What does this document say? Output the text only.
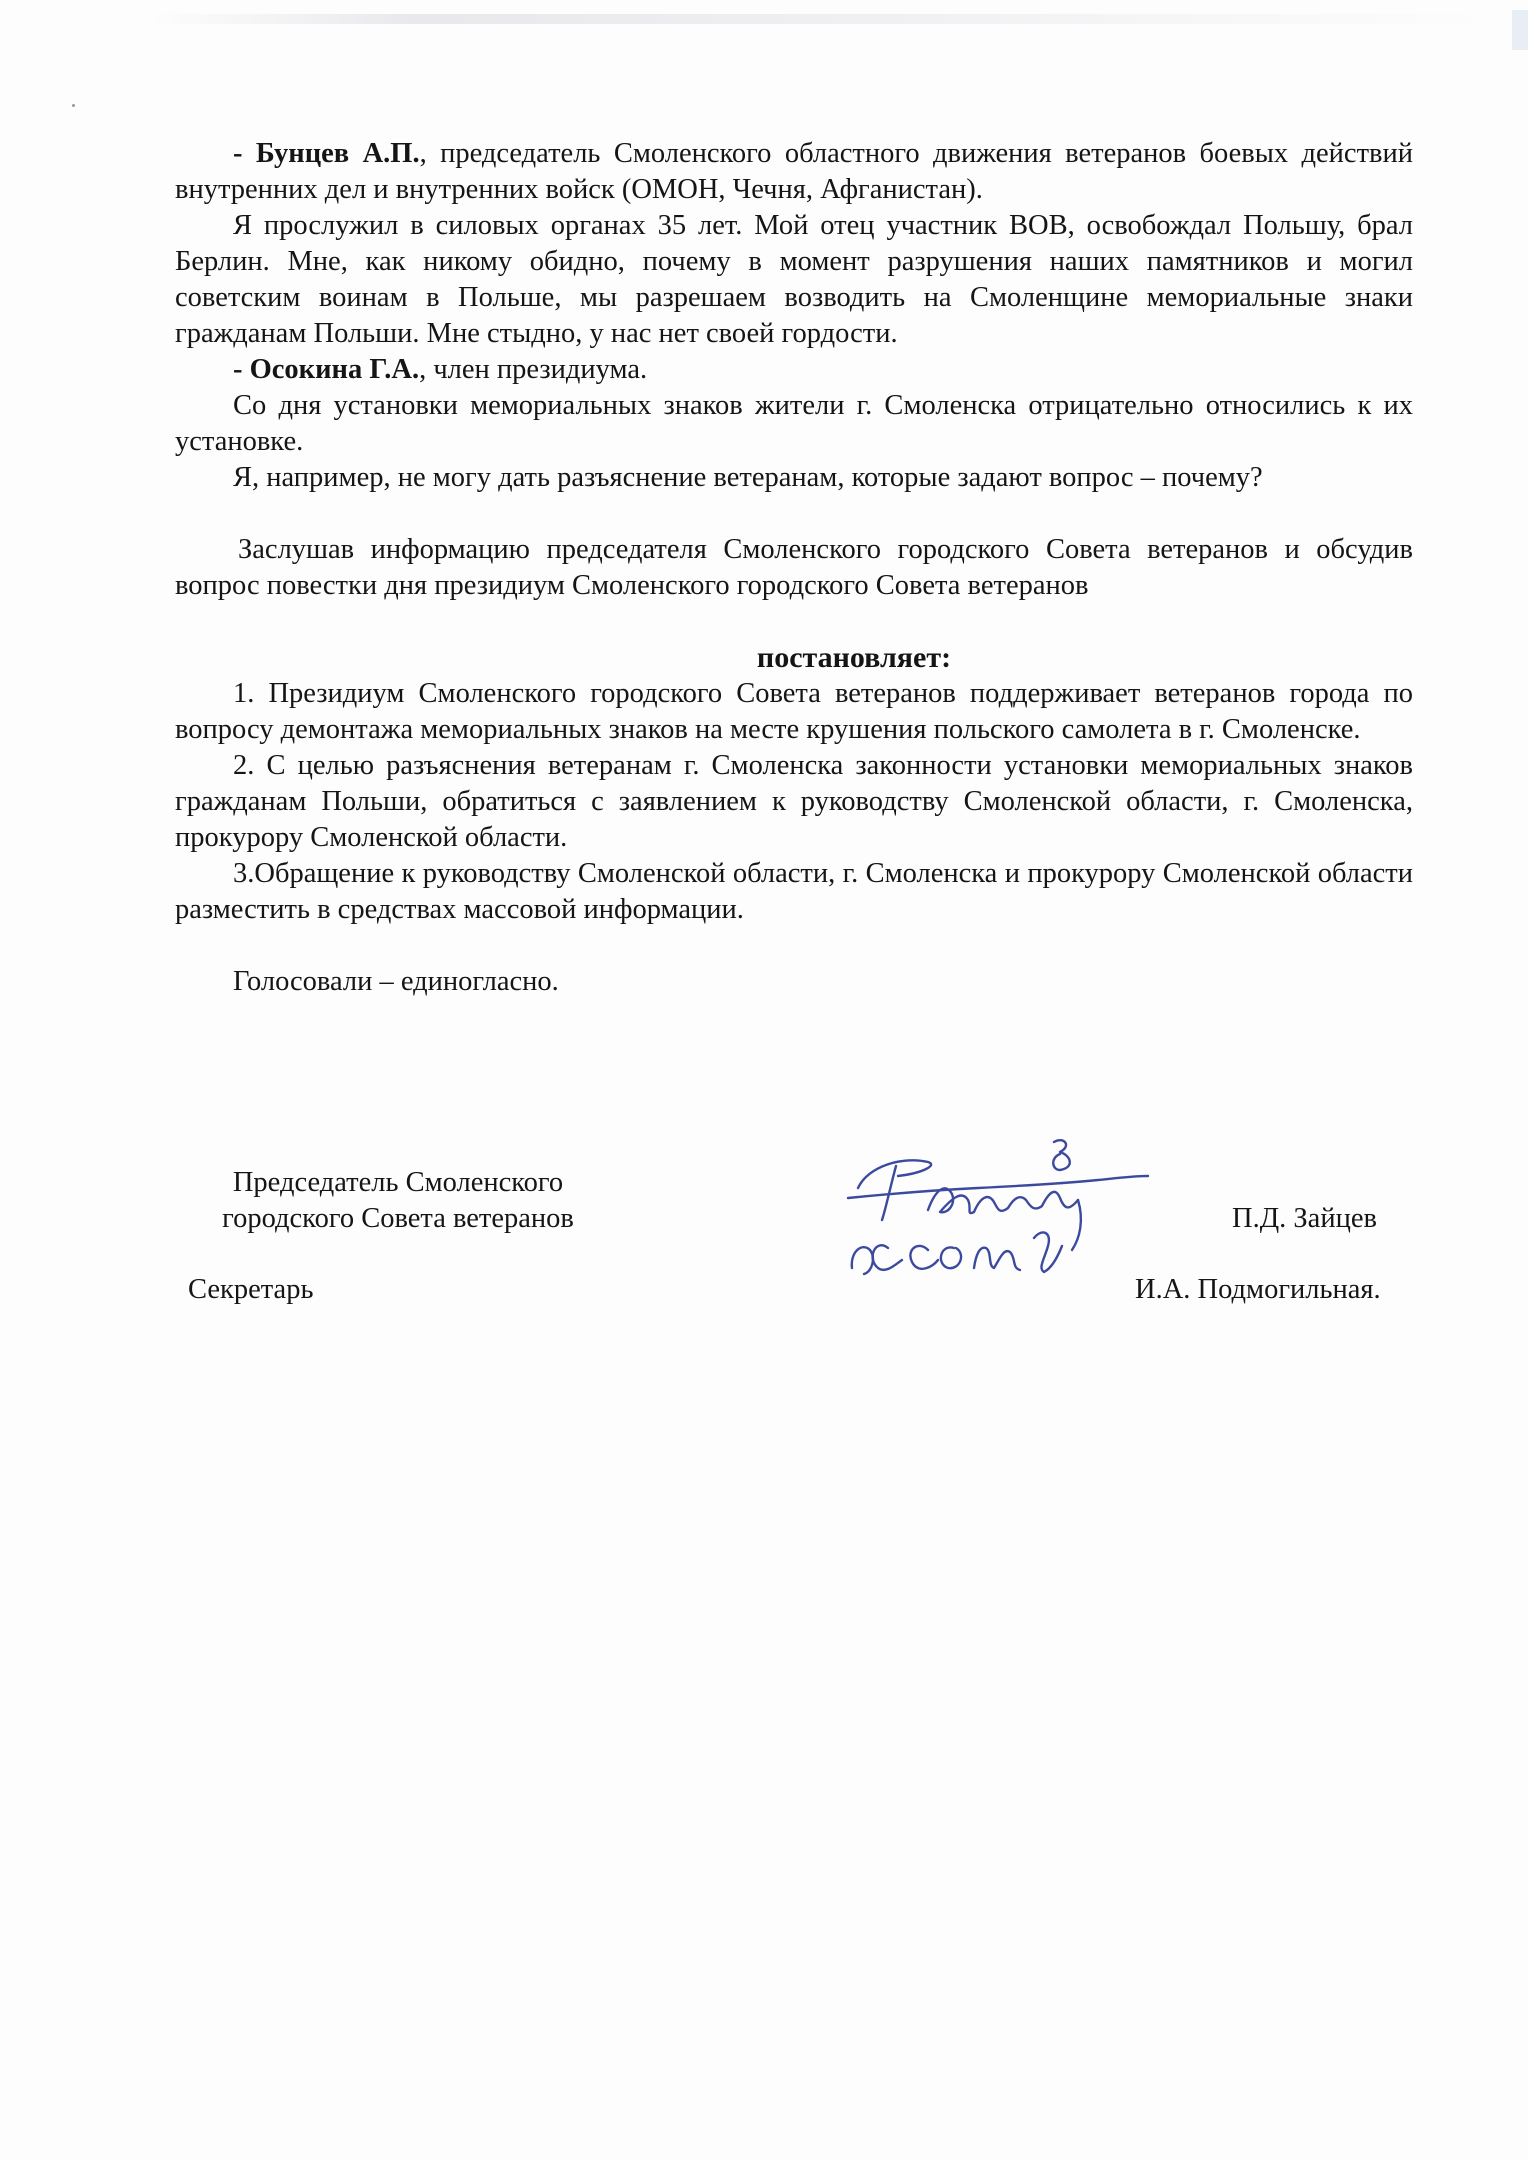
- Бунцев А.П., председатель Смоленского областного движения ветеранов боевых действий внутренних дел и внутренних войск (ОМОН, Чечня, Афганистан).

Я прослужил в силовых органах 35 лет. Мой отец участник ВОВ, освобождал Польшу, брал Берлин. Мне, как никому обидно, почему в момент разрушения наших памятников и могил советским воинам в Польше, мы разрешаем возводить на Смоленщине мемориальные знаки гражданам Польши. Мне стыдно, у нас нет своей гордости.

- Осокина Г.А., член президиума.

Со дня установки мемориальных знаков жители г. Смоленска отрицательно относились к их установке.

Я, например, не могу дать разъяснение ветеранам, которые задают вопрос – почему?

Заслушав информацию председателя Смоленского городского Совета ветеранов и обсудив вопрос повестки дня президиум Смоленского городского Совета ветеранов

постановляет:

1. Президиум Смоленского городского Совета ветеранов поддерживает ветеранов города по вопросу демонтажа мемориальных знаков на месте крушения польского самолета в г. Смоленске.

2. С целью разъяснения ветеранам г. Смоленска законности установки мемориальных знаков гражданам Польши, обратиться с заявлением к руководству Смоленской области, г. Смоленска, прокурору Смоленской области.

3.Обращение к руководству Смоленской области, г. Смоленска и прокурору Смоленской области разместить в средствах массовой информации.

Голосовали – единогласно.

Председатель Смоленского
городского Совета ветеранов	П.Д. Зайцев
Секретарь	И.А. Подмогильная.
